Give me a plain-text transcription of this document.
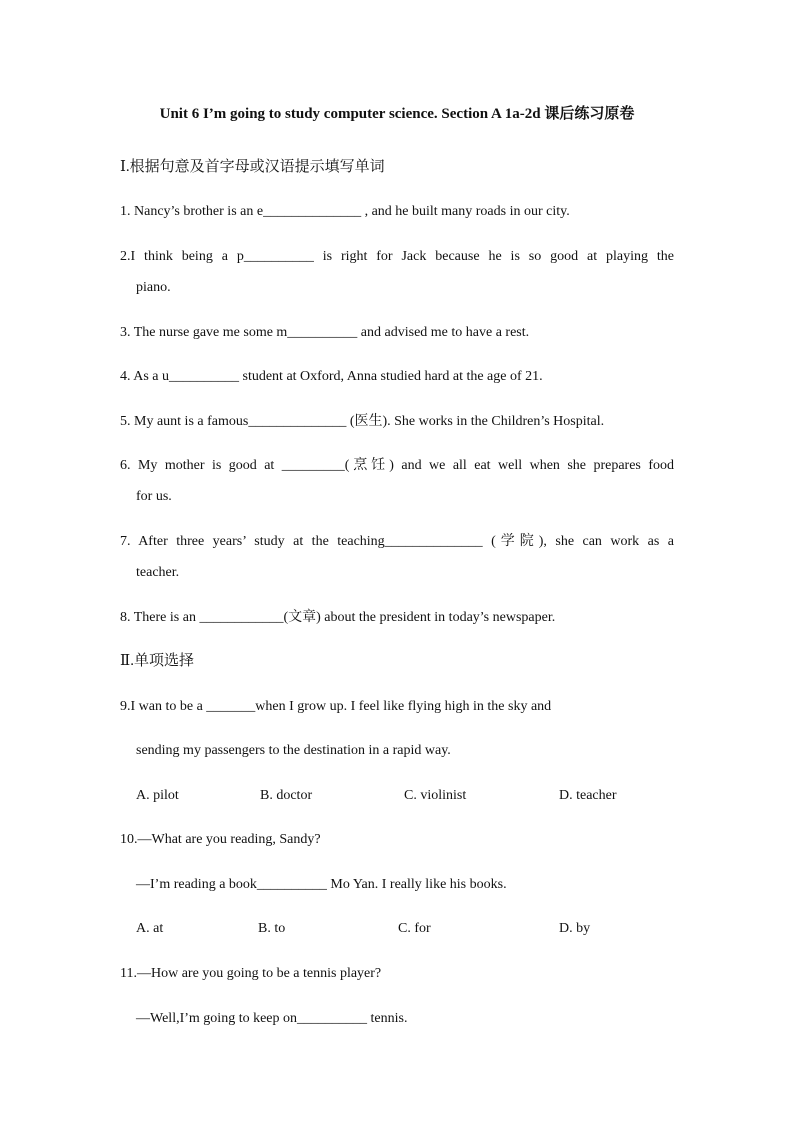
Unit 6 I’m going to study computer science. Section A 1a-2d 课后练习原卷
Ⅰ.根据句意及首字母或汉语提示填写单词
1. Nancy’s brother is an e______________ , and he built many roads in our city.
2.I think being a p__________ is right for Jack because he is so good at playing the
piano.
3. The nurse gave me some m__________ and advised me to have a rest.
4. As a u__________ student at Oxford, Anna studied hard at the age of 21.
5. My aunt is a famous______________ (医生). She works in the Children’s Hospital.
6. My mother is good at _________(烹饪) and we all eat well when she prepares food
for us.
7. After three years’ study at the teaching______________ (学院), she can work as a
teacher.
8. There is an ____________(文章) about the president in today’s newspaper.
Ⅱ.单项选择
9.I wan to be a _______when I grow up. I feel like flying high in the sky and
sending my passengers to the destination in a rapid way.
A. pilot	B. doctor	C. violinist	D. teacher
10.—What are you reading, Sandy?
—I’m reading a book__________ Mo Yan. I really like his books.
A. at	B. to	C. for	D. by
11.—How are you going to be a tennis player?
—Well,I’m going to keep on__________ tennis.
